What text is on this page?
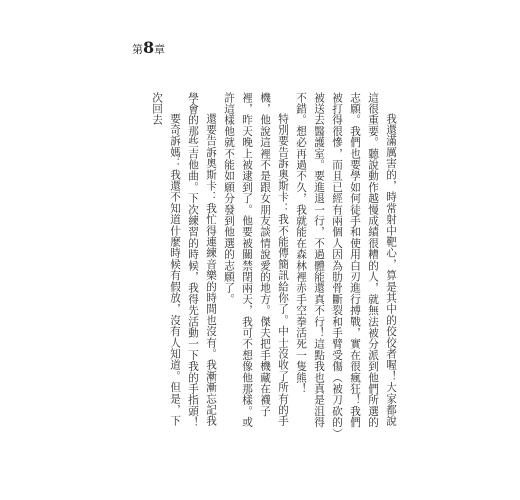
第8章

我還滿厲害的，時常射中靶心，算是其中的佼佼者喔！大家都說這很重要。聽說動作越慢成績很糟的人，就無法被分派到他們所選的志願。我們也要學如何徒手和使用白刃進行搏戰，實在很瘋狂！我們被打得很慘，而且已經有兩個人因為肋骨斷裂和手臂受傷（被刀砍的）被送去醫護室。要進退一行，不過體能還真不行！這點我也真是沮得不錯。想必再過不久，我就能在森林裡赤手空拳活死一隻熊！

特別要告訴奧斯卡：我不能傳簡訊給你了。中士沒收了所有的手機，他說這裡不是跟女朋友談情說愛的地方。傑夫把手機藏在襪子裡，昨天晚上被逮到了。他要被關禁閉兩天，我可不想像他那樣。或許這樣他就不能如願分發到他選的志願了。

還要告訴奧斯卡：我忙得連練音樂的時間也沒有。我漸漸忘記我學會的那些吉他曲。下次練習的時候，我得先活動一下我的手指頭！

要奇訴媽：我還不知道什麼時候有假放，沒有人知道。但是，下次回去
